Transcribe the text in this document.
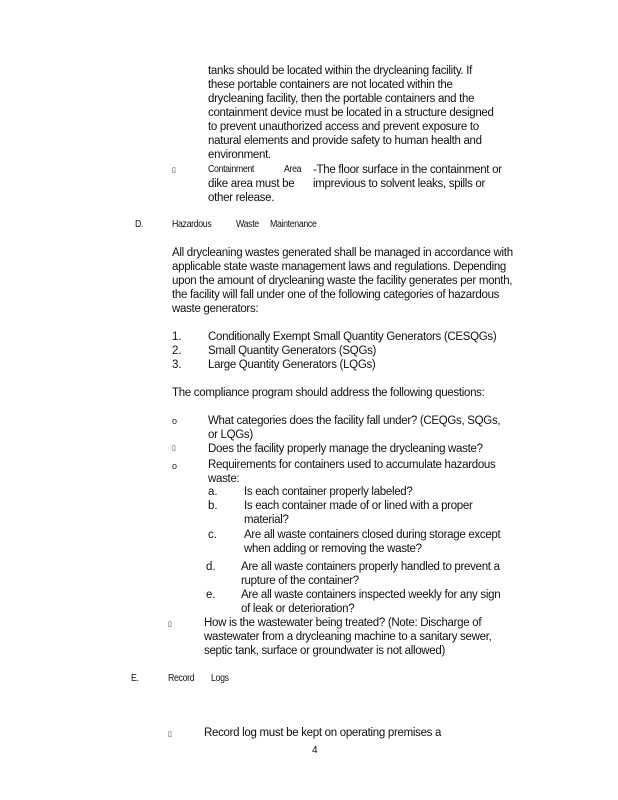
tanks should be located within the drycleaning facility. If
these portable containers are not located within the
drycleaning facility, then the portable containers and the
containment device must be located in a structure designed
to prevent unauthorized access and prevent exposure to
natural elements and provide safety to human health and
environment.
▯	Containment	Area -The floor surface in the containment or
dike area must be imprevious to solvent leaks, spills or
other release.
D.	Hazardous Waste Maintenance
All drycleaning wastes generated shall be managed in accordance with
applicable state waste management laws and regulations. Depending
upon the amount of drycleaning waste the facility generates per month,
the facility will fall under one of the following categories of hazardous
waste generators:
1. Conditionally Exempt Small Quantity Generators (CESQGs)
2. Small Quantity Generators (SQGs)
3. Large Quantity Generators (LQGs)
The compliance program should address the following questions:
o	What categories does the facility fall under? (CEQGs, SQGs,
or LQGs)
▯	Does the facility properly manage the drycleaning waste?
o	Requirements for containers used to accumulate hazardous
waste:
a. Is each container properly labeled?
b. Is each container made of or lined with a proper
material?
c. Are all waste containers closed during storage except
when adding or removing the waste?
d. Are all waste containers properly handled to prevent a
rupture of the container?
e. Are all waste containers inspected weekly for any sign
of leak or deterioration?
▯	How is the wastewater being treated? (Note: Discharge of
wastewater from a drycleaning machine to a sanitary sewer,
septic tank, surface or groundwater is not allowed)
E.	Record Logs
▯	Record log must be kept on operating premises a
4
